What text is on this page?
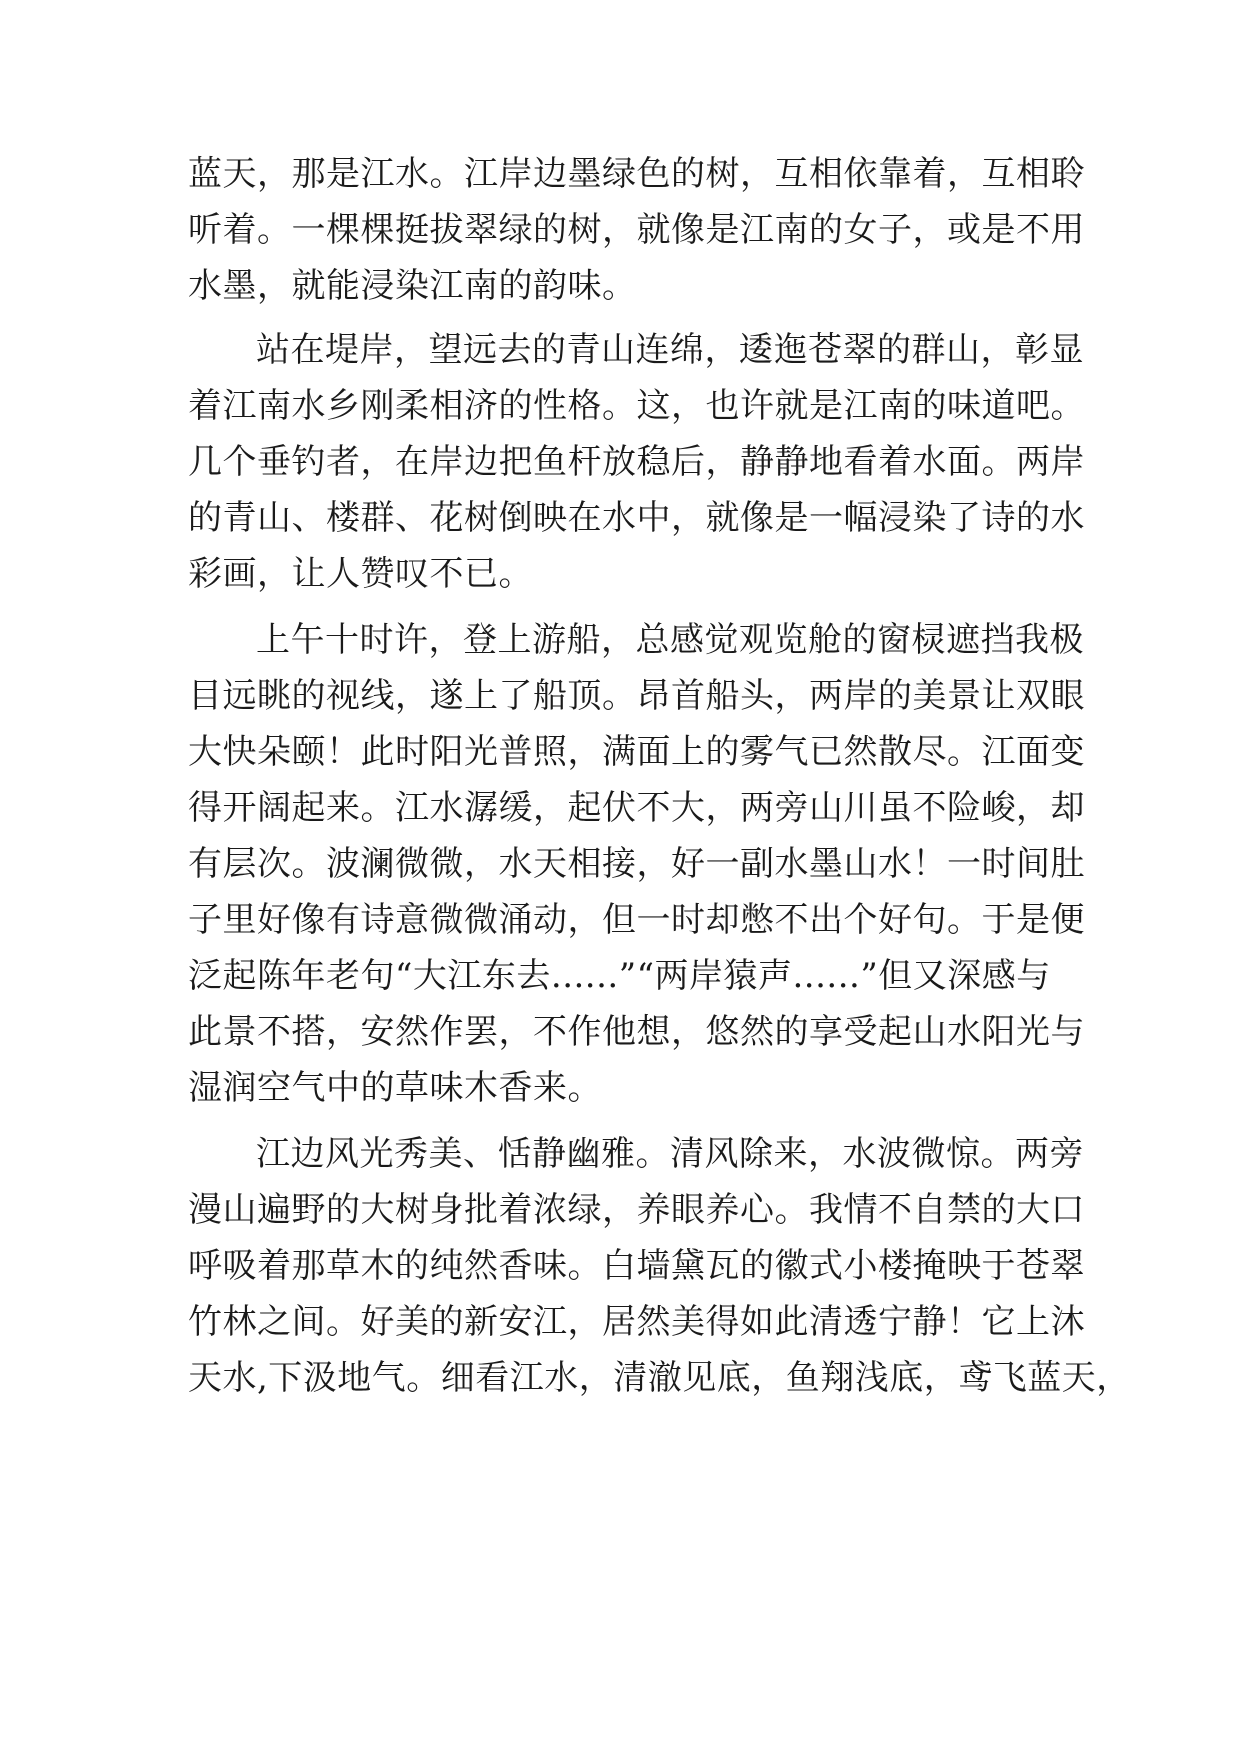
蓝天，那是江水。江岸边墨绿色的树，互相依靠着，互相聆
听着。一棵棵挺拔翠绿的树，就像是江南的女子，或是不用
水墨，就能浸染江南的韵味。
站在堤岸，望远去的青山连绵，逶迤苍翠的群山，彰显
着江南水乡刚柔相济的性格。这，也许就是江南的味道吧。
几个垂钓者，在岸边把鱼杆放稳后，静静地看着水面。两岸
的青山、楼群、花树倒映在水中，就像是一幅浸染了诗的水
彩画，让人赞叹不已。
上午十时许，登上游船，总感觉观览舱的窗棂遮挡我极
目远眺的视线，遂上了船顶。昂首船头，两岸的美景让双眼
大快朵颐！此时阳光普照，满面上的雾气已然散尽。江面变
得开阔起来。江水潺缓，起伏不大，两旁山川虽不险峻，却
有层次。波澜微微，水天相接，好一副水墨山水！一时间肚
子里好像有诗意微微涌动，但一时却憋不出个好句。于是便
泛起陈年老句“大江东去......”“两岸猿声......”但又深感与
此景不搭，安然作罢，不作他想，悠然的享受起山水阳光与
湿润空气中的草味木香来。
江边风光秀美、恬静幽雅。清风除来，水波微惊。两旁
漫山遍野的大树身批着浓绿，养眼养心。我情不自禁的大口
呼吸着那草木的纯然香味。白墙黛瓦的徽式小楼掩映于苍翠
竹林之间。好美的新安江，居然美得如此清透宁静！它上沐
天水,下汲地气。细看江水，清澈见底，鱼翔浅底，鸢飞蓝天，
